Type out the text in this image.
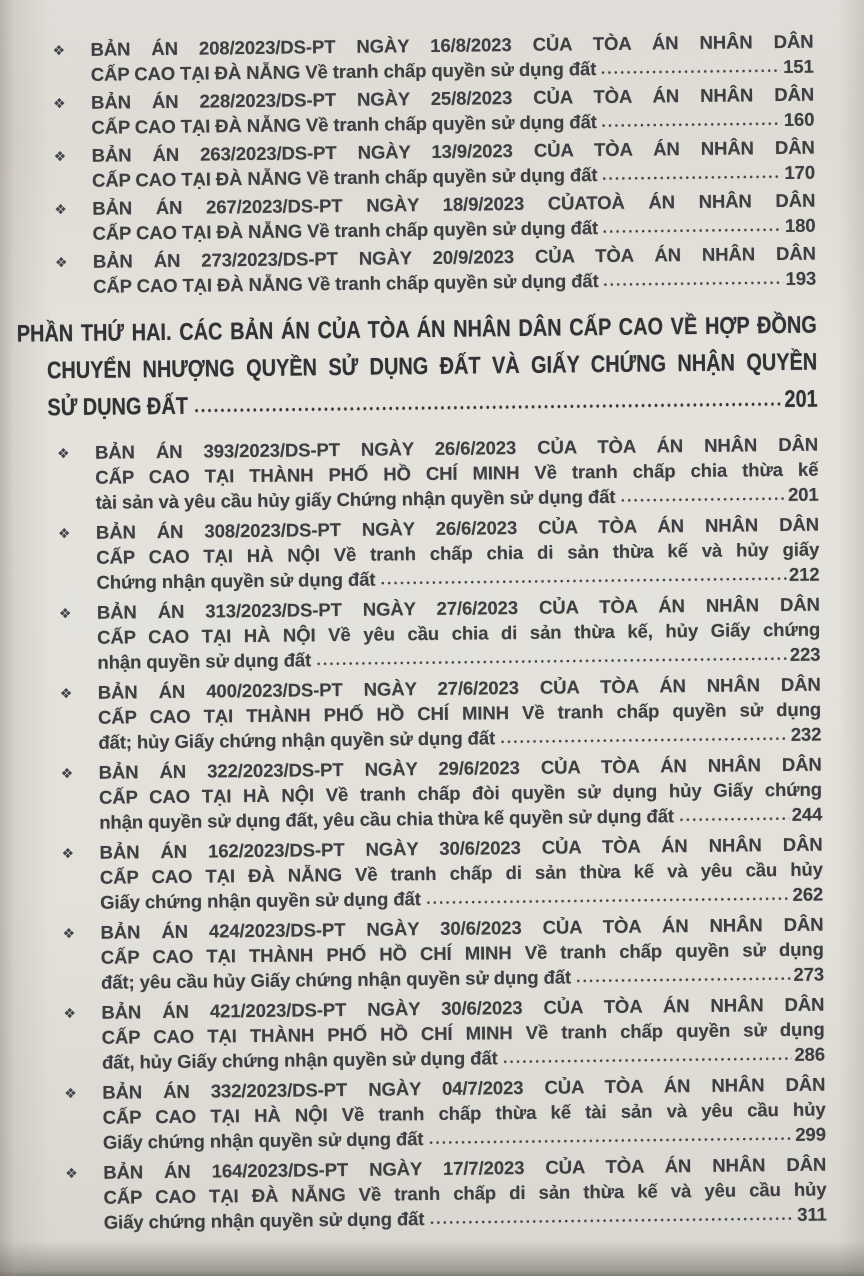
❖	BẢN ÁN 208/2023/DS-PT NGÀY 16/8/2023 CỦA TÒA ÁN NHÂN DÂN
CẤP CAO TẠI ĐÀ NẴNG Về tranh chấp quyền sử dụng đất	151
❖	BẢN ÁN 228/2023/DS-PT NGÀY 25/8/2023 CỦA TÒA ÁN NHÂN DÂN
CẤP CAO TẠI ĐÀ NẴNG Về tranh chấp quyền sử dụng đất	160
❖	BẢN ÁN 263/2023/DS-PT NGÀY 13/9/2023 CỦA TÒA ÁN NHÂN DÂN
CẤP CAO TẠI ĐÀ NẴNG Về tranh chấp quyền sử dụng đất	170
❖	BẢN ÁN 267/2023/DS-PT NGÀY 18/9/2023 CỦATOÀ ÁN NHÂN DÂN
CẤP CAO TẠI ĐÀ NẴNG Về tranh chấp quyền sử dụng đất	180
❖	BẢN ÁN 273/2023/DS-PT NGÀY 20/9/2023 CỦA TÒA ÁN NHÂN DÂN
CẤP CAO TẠI ĐÀ NẴNG Về tranh chấp quyền sử dụng đất	193
PHẦN THỨ HAI. CÁC BẢN ÁN CỦA TÒA ÁN NHÂN DÂN CẤP CAO VỀ HỢP ĐỒNG
CHUYỂN NHƯỢNG QUYỀN SỬ DỤNG ĐẤT VÀ GIẤY CHỨNG NHẬN QUYỀN
SỬ DỤNG ĐẤT	201
❖	BẢN ÁN 393/2023/DS-PT NGÀY 26/6/2023 CỦA TÒA ÁN NHÂN DÂN
CẤP CAO TẠI THÀNH PHỐ HỒ CHÍ MINH Về tranh chấp chia thừa kế
tài sản và yêu cầu hủy giấy Chứng nhận quyền sử dụng đất	201
❖	BẢN ÁN 308/2023/DS-PT NGÀY 26/6/2023 CỦA TÒA ÁN NHÂN DÂN
CẤP CAO TẠI HÀ NỘI Về tranh chấp chia di sản thừa kế và hủy giấy
Chứng nhận quyền sử dụng đất	212
❖	BẢN ÁN 313/2023/DS-PT NGÀY 27/6/2023 CỦA TÒA ÁN NHÂN DÂN
CẤP CAO TẠI HÀ NỘI Về yêu cầu chia di sản thừa kế, hủy Giấy chứng
nhận quyền sử dụng đất	223
❖	BẢN ÁN 400/2023/DS-PT NGÀY 27/6/2023 CỦA TÒA ÁN NHÂN DÂN
CẤP CAO TẠI THÀNH PHỐ HỒ CHÍ MINH Về tranh chấp quyền sử dụng
đất; hủy Giấy chứng nhận quyền sử dụng đất	232
❖	BẢN ÁN 322/2023/DS-PT NGÀY 29/6/2023 CỦA TÒA ÁN NHÂN DÂN
CẤP CAO TẠI HÀ NỘI Về tranh chấp đòi quyền sử dụng hủy Giấy chứng
nhận quyền sử dụng đất, yêu cầu chia thừa kế quyền sử dụng đất	244
❖	BẢN ÁN 162/2023/DS-PT NGÀY 30/6/2023 CỦA TÒA ÁN NHÂN DÂN
CẤP CAO TẠI ĐÀ NẴNG Về tranh chấp di sản thừa kế và yêu cầu hủy
Giấy chứng nhận quyền sử dụng đất	262
❖	BẢN ÁN 424/2023/DS-PT NGÀY 30/6/2023 CỦA TÒA ÁN NHÂN DÂN
CẤP CAO TẠI THÀNH PHỐ HỒ CHÍ MINH Về tranh chấp quyền sử dụng
đất; yêu cầu hủy Giấy chứng nhận quyền sử dụng đất	273
❖	BẢN ÁN 421/2023/DS-PT NGÀY 30/6/2023 CỦA TÒA ÁN NHÂN DÂN
CẤP CAO TẠI THÀNH PHỐ HỒ CHÍ MINH Về tranh chấp quyền sử dụng
đất, hủy Giấy chứng nhận quyền sử dụng đất	286
❖	BẢN ÁN 332/2023/DS-PT NGÀY 04/7/2023 CỦA TÒA ÁN NHÂN DÂN
CẤP CAO TẠI HÀ NỘI Về tranh chấp thừa kế tài sản và yêu cầu hủy
Giấy chứng nhận quyền sử dụng đất	299
❖	BẢN ÁN 164/2023/DS-PT NGÀY 17/7/2023 CỦA TÒA ÁN NHÂN DÂN
CẤP CAO TẠI ĐÀ NẴNG Về tranh chấp di sản thừa kế và yêu cầu hủy
Giấy chứng nhận quyền sử dụng đất	311
